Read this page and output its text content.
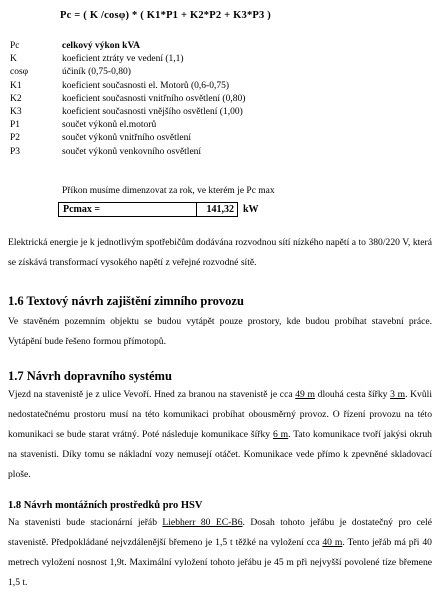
Pc = ( K /cosφ) * ( K1*P1 + K2*P2 + K3*P3 )
Pc	celkový výkon kVA
K	koeficient ztráty ve vedení (1,1)
cosφ	účiník (0,75-0,80)
K1	koeficient současnosti el. Motorů (0,6-0,75)
K2	koeficient současnosti vnitřního osvětlení (0,80)
K3	koeficient současnosti vnějšího osvětlení (1,00)
P1	součet výkonů el.motorů
P2	součet výkonů vnitřního osvětlení
P3	součet výkonů venkovního osvětlení
Příkon musíme dimenzovat za rok, ve kterém je Pc max
Pcmax =	141,32 kW
Elektrická energie je k jednotlivým spotřebičům dodávána rozvodnou sítí nízkého napětí a to 380/220 V, která se získává transformací vysokého napětí z veřejné rozvodné sítě.
1.6 Textový návrh zajištění zimního provozu
Ve stavěném pozemním objektu se budou vytápět pouze prostory, kde budou probíhat stavební práce. Vytápění bude řešeno formou přímotopů.
1.7 Návrh dopravního systému
Vjezd na stavenistě je z ulice Vevoří. Hned za branou na stavenistě je cca 49 m dlouhá cesta šířky 3 m. Kvůli nedostatečnému prostoru musí na této komunikaci probíhat obousměrný provoz. O řízení provozu na této komunikaci se bude starat vrátný. Poté následuje komunikace šířky 6 m. Tato komunikace tvoří jakýsi okruh na stavenisti. Díky tomu se nákladní vozy nemusejí otáčet. Komunikace vede přímo k zpevněné skladovací ploše.
1.8 Návrh montážních prostředků pro HSV
Na stavenisti bude stacionární jeřáb Liebherr 80 EC-B6. Dosah tohoto jeřábu je dostatečný pro celé stavenistě. Předpokládané nejvzdálenější břemeno je 1,5 t těžké na vyložení cca 40 m. Tento jeřáb má při 40 metrech vyložení nosnost 1,9t. Maximální vyložení tohoto jeřábu je 45 m při nejvyšší povolené tíze břemene 1,5 t.
